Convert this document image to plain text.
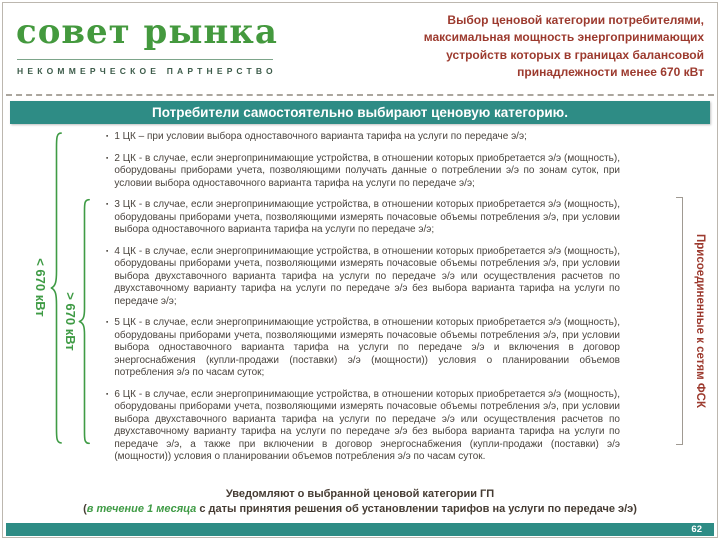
совет рынка
НЕКОММЕРЧЕСКОЕ ПАРТНЕРСТВО
Выбор ценовой категории потребителями,
максимальная мощность энергопринимающих
устройств которых в границах балансовой
принадлежности менее 670 кВт
Потребители самостоятельно выбирают ценовую категорию.
▪ 1 ЦК – при условии выбора одноставочного варианта тарифа на услуги по передаче э/э;
▪ 2 ЦК - в случае, если энергопринимающие устройства, в отношении которых приобретается э/э (мощность), оборудованы приборами учета, позволяющими получать данные о потреблении э/э по зонам суток, при условии выбора одноставочного варианта тарифа на услуги по передаче э/э;
▪ 3 ЦК - в случае, если энергопринимающие устройства, в отношении которых приобретается э/э (мощность), оборудованы приборами учета, позволяющими измерять почасовые объемы потребления э/э, при условии выбора одноставочного варианта тарифа на услуги по передаче э/э;
▪ 4 ЦК - в случае, если энергопринимающие устройства, в отношении которых приобретается э/э (мощность), оборудованы приборами учета, позволяющими измерять почасовые объемы потребления э/э, при условии выбора двухставочного варианта тарифа на услуги по передаче э/э или осуществления расчетов по двухставочному варианту тарифа на услуги по передаче э/э без выбора варианта тарифа на услуги по передаче э/э;
▪ 5 ЦК - в случае, если энергопринимающие устройства, в отношении которых приобретается э/э (мощность), оборудованы приборами учета, позволяющими измерять почасовые объемы потребления э/э, при условии выбора одноставочного варианта тарифа на услуги по передаче э/э и включения в договор энергоснабжения (купли-продажи (поставки) э/э (мощности)) условия о планировании объемов потребления э/э по часам суток;
▪ 6 ЦК - в случае, если энергопринимающие устройства, в отношении которых приобретается э/э (мощность), оборудованы приборами учета, позволяющими измерять почасовые объемы потребления э/э, при условии выбора двухставочного варианта тарифа на услуги по передаче э/э или осуществления расчетов по двухставочному варианту тарифа на услуги по передаче э/э без выбора варианта тарифа на услуги по передаче э/э, а также при включении в договор энергоснабжения (купли-продажи (поставки) э/э (мощности)) условия о планировании объемов потребления э/э по часам суток.
< 670 кВт
> 670 кВт	Присоединенные к сетям ФСК
Уведомляют о выбранной ценовой категории ГП
(в течение 1 месяца с даты принятия решения об установлении тарифов на услуги по передаче э/э)
62
